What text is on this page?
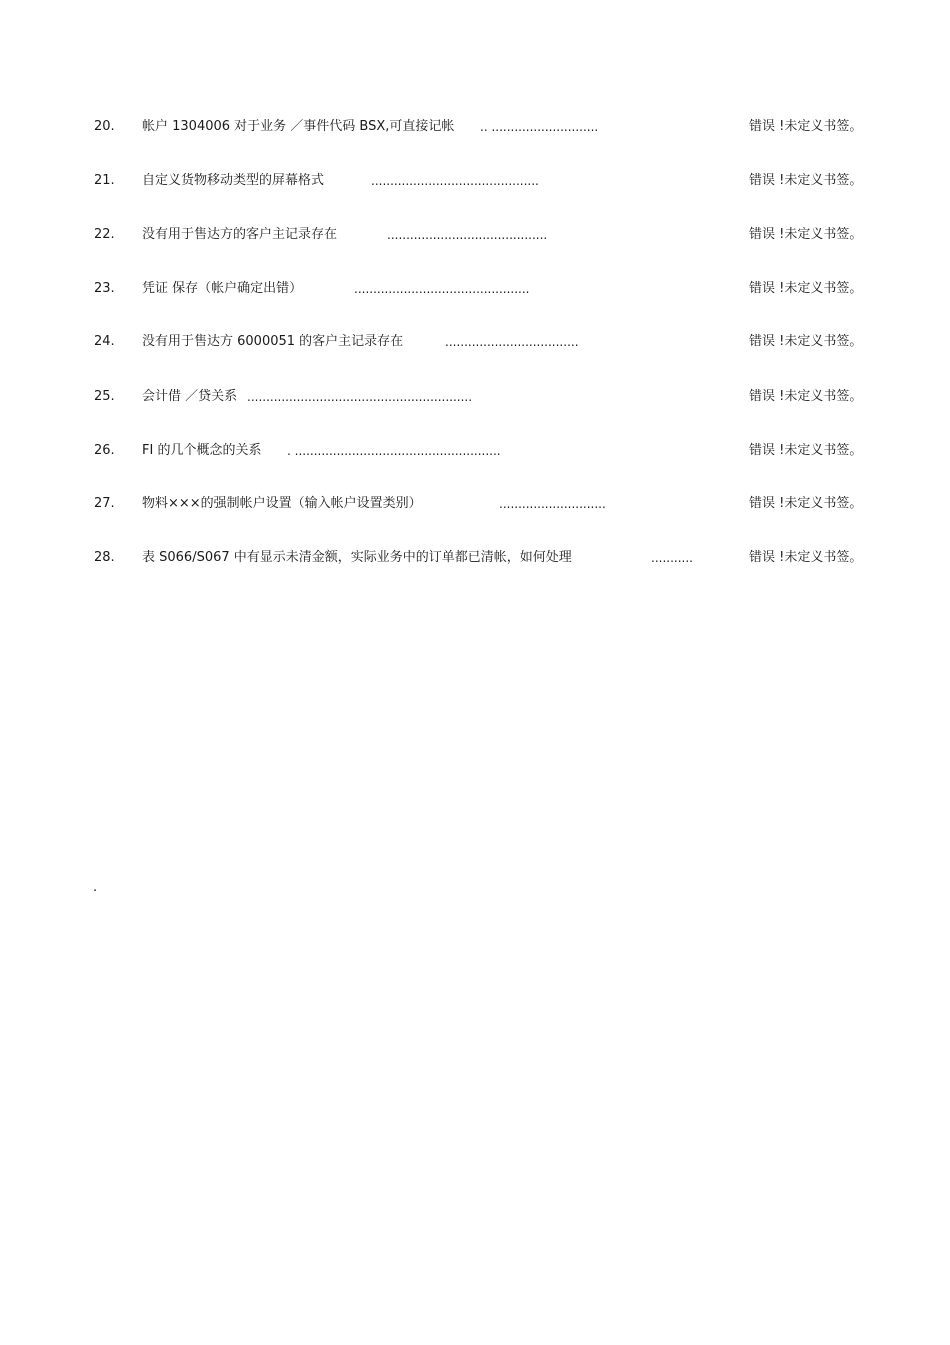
20. 帐户 1304006 对于业务 ／事件代码 BSX,可直接记帐 .. ............................	错误 !未定义书签。
21. 自定义货物移动类型的屏幕格式	............................................	错误 !未定义书签。
22. 没有用于售达方的客户主记录存在	..........................................	错误 !未定义书签。
23. 凭证 保存（帐户确定出错）	..............................................	错误 !未定义书签。
24. 没有用于售达方 6000051 的客户主记录存在	...................................	错误 !未定义书签。
25. 会计借 ／贷关系 ...........................................................	错误 !未定义书签。
26. FI 的几个概念的关系 . ......................................................	错误 !未定义书签。
27. 物料×××的强制帐户设置（输入帐户设置类别）	............................	错误 !未定义书签。
28. 表 S066/S067 中有显示未清金额，实际业务中的订单都已清帐，如何处理	...........	错误 !未定义书签。
.
